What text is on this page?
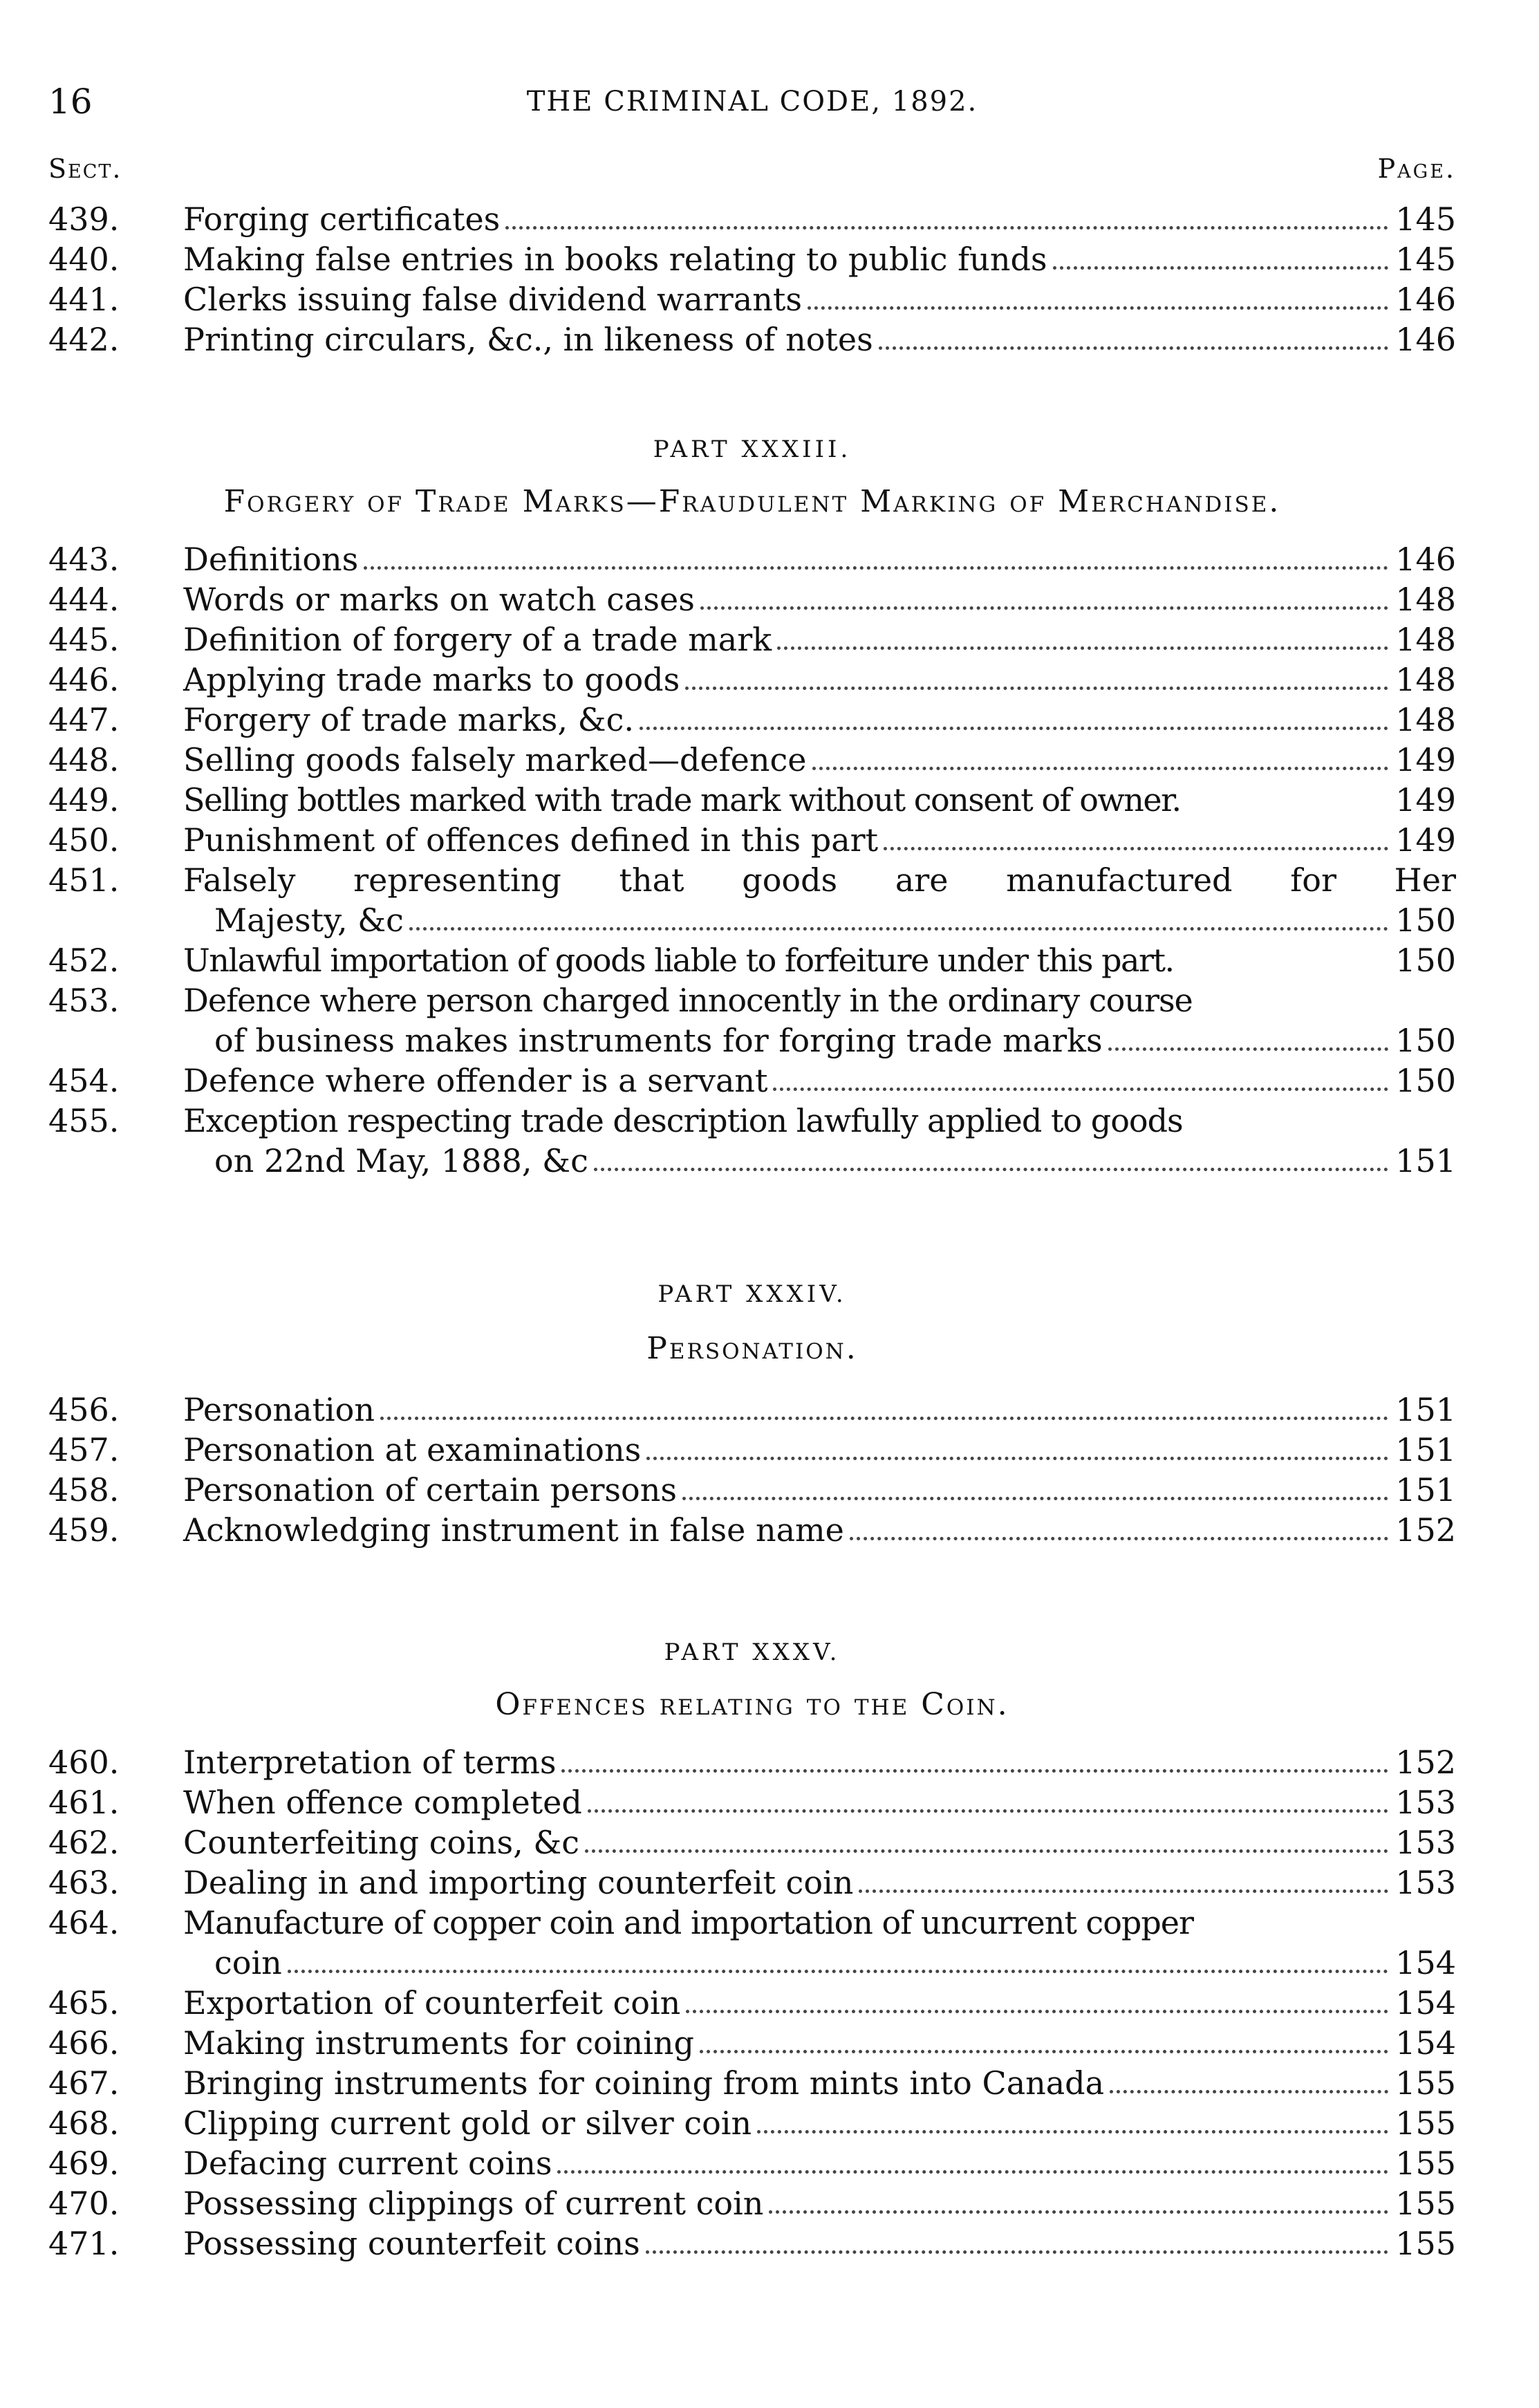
16	THE CRIMINAL CODE, 1892.
Sect.	Page.
439.	Forging certificates	145
440.	Making false entries in books relating to public funds	145
441.	Clerks issuing false dividend warrants	146
442.	Printing circulars, &c., in likeness of notes	146
PART XXXIII.
Forgery of Trade Marks—Fraudulent Marking of Merchandise.
443.	Definitions	146
444.	Words or marks on watch cases	148
445.	Definition of forgery of a trade mark	148
446.	Applying trade marks to goods	148
447.	Forgery of trade marks, &c.	148
448.	Selling goods falsely marked—defence	149
449.	Selling bottles marked with trade mark without consent of owner.	149
450.	Punishment of offences defined in this part	149
451.	Falsely representing that goods are manufactured for Her
Majesty, &c	150
452.	Unlawful importation of goods liable to forfeiture under this part.	150
453.	Defence where person charged innocently in the ordinary course
of business makes instruments for forging trade marks	150
454.	Defence where offender is a servant	150
455.	Exception respecting trade description lawfully applied to goods
on 22nd May, 1888, &c	151
PART XXXIV.
Personation.
456.	Personation	151
457.	Personation at examinations	151
458.	Personation of certain persons	151
459.	Acknowledging instrument in false name	152
PART XXXV.
Offences relating to the Coin.
460.	Interpretation of terms	152
461.	When offence completed	153
462.	Counterfeiting coins, &c	153
463.	Dealing in and importing counterfeit coin	153
464.	Manufacture of copper coin and importation of uncurrent copper
coin	154
465.	Exportation of counterfeit coin	154
466.	Making instruments for coining	154
467.	Bringing instruments for coining from mints into Canada	155
468.	Clipping current gold or silver coin	155
469.	Defacing current coins	155
470.	Possessing clippings of current coin	155
471.	Possessing counterfeit coins	155
